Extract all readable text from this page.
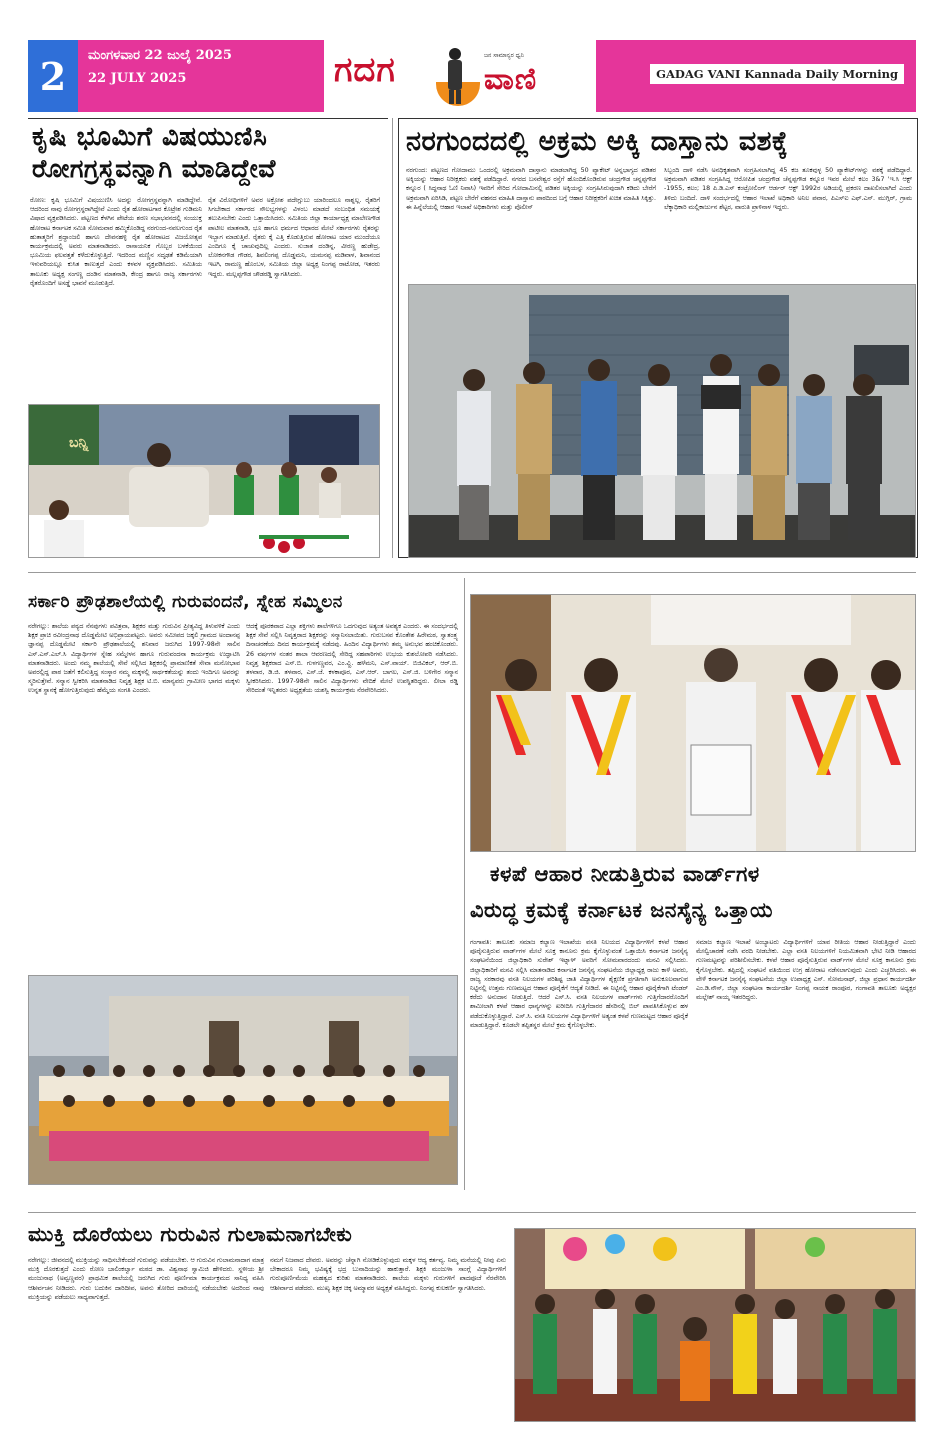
2	ಮಂಗಳವಾರ 22 ಜುಲೈ 2025
22 JULY 2025	ಗದಗ	ಜನ ಸಾಮಾನ್ಯರ ಧ್ವನಿ
ವಾಣಿ	GADAG VANI Kannada Daily Morning
ಕೃಷಿ ಭೂಮಿಗೆ ವಿಷಯುಣಿಸಿ
ರೋಗಗ್ರಸ್ಥವನ್ನಾಗಿ ಮಾಡಿದ್ದೇವೆ

ರೋಣ: ಕೃಷಿ ಭೂಮಿಗೆ ವಿಷಯುಣಿಸಿ ಅದನ್ನು ರೋಗಗ್ರಸ್ಥವನ್ನಾಗಿ ಮಾಡಿದ್ದೇವೆ. ಆದರಿಂದ ನಾವು ರೋಗಗ್ರಸ್ಥರಾಗಿದ್ದೇವೆ ಎಂದು ರೈತ ಹೋರಾಟಗಾರ ಕೊಟ್ರೇಶ ಗುಡಿಮನಿ ವಿಷಾದ ವ್ಯಕ್ತಪಡಿಸಿದರು. ಪಟ್ಟಣದ ಕೆಳಗಿನ ಪೇಟೆಯ ಶರಣ ಸಭಾಭವನದಲ್ಲಿ ಸಂಯುಕ್ತ ಹೋರಾಟ ಕರ್ನಾಟಕ ಸಮಿತಿ ಸೋಮವಾರ ಹಮ್ಮಿಕೊಂಡಿದ್ದ ನರಗುಂದ-ನವಲಗುಂದ ರೈತ ಹುತಾತ್ಮರಿಗೆ ಶ್ರದ್ಧಾಂಜಲಿ ಹಾಗೂ ದೇವನಹಳ್ಳಿ ರೈತ ಹೋರಾಟದ ವಿಜಯೋತ್ಸವ ಕಾರ್ಯಕ್ರಮದಲ್ಲಿ ಅವರು ಮಾತನಾಡಿದರು. ರಾಸಾಯನಿಕ ಗೊಬ್ಬರ ಬಳಕೆಯಿಂದ ಭೂಮಿಯ ಫಲವತ್ತತೆ ಕಳೆದುಕೊಳ್ಳುತ್ತಿದೆ. ಇದರಿಂದ ಮಣ್ಣಿನ ಸದೃಢತೆ ಕಡಿಮೆಯಾಗಿ ಇಳುವರಿಯಲ್ಲೂ ಕುಸಿತ ಕಾಣುತ್ತದೆ ಎಂದು ಕಳವಳ ವ್ಯಕ್ತಪಡಿಸಿದರು. ಸಮಿತಿಯ ತಾಲೂಕು ಅಧ್ಯಕ್ಷ ಸಂಗಣ್ಣ ದಂಡಿನ ಮಾತನಾಡಿ, ಕೇಂದ್ರ ಹಾಗೂ ರಾಜ್ಯ ಸರ್ಕಾರಗಳು ರೈತರೊಂದಿಗೆ ಅಸಡ್ಡೆ ಭಾವನೆ ಮೂಡುತ್ತಿದೆ.

ರೈತ ವಿರೋಧಿಗಳಿಗೆ ಅವರ ಅಕ್ರೋಶ ಪದೇಗ್ಲುಬು ಯಾರಿಂದಲೂ ನಾಶ್ನಲ್ಲ. ರೈತರಿಗೆ ಸಿಗಬೇಕಾದ ಸರ್ಕಾರದ ಸೌಲಭ್ಯಗಳನ್ನು ವಿಳಂಬ ಮಾಡದೆ ಸಂಬಂಧಿತ ಸಮಯಕ್ಕೆ ತಲುಪಿಸಬೇಕು ಎಂದು ಒತ್ತಾಯಿಸಿದರು. ಸಮಿತಿಯ ಜಿಲ್ಲಾ ಕಾರ್ಯಾಧ್ಯಕ್ಷ ಮಾಲೇಣಗೌಡ ಪಾಟೀಲ ಮಾತನಾಡಿ, ಭೂ ಹಾಗೂ ಧರ್ಮದ ಆಧಾರದ ಮೇಲೆ ಸರ್ಕಾರಗಳು ರೈತರನ್ನು ಇಬ್ಭಾಗ ಮಾಡುತ್ತಿವೆ. ರೈತರು ಕೈ ಎತ್ತಿ ಕೊಡುತ್ತಿರುವ ಹೋರಾಟ ಯಾರ ಮುಂದೆಯೂ ಎಂದಿಗೂ ಕೈ ಚಾಚುವುದಿಲ್ಲ ಎಂದರು. ಸುಜಾತ ದಂಡಿನ್ನ, ವೀರಣ್ಣ ಹುಡೇದ್ರ, ಲೋಕನಗೌಡ ಗೌಡರ, ಶಿವಲಿಂಗಪ್ಪ ದೊಡ್ಡಮನಿ, ಯಮನಪ್ಪ ಮಡಿವಾಳ, ಶಿವಾನಂದ ಇಟಗಿ, ರಾಮಣ್ಣ ಹೊಂಬಳ, ಸಮಿತಿಯ ಜಿಲ್ಲಾ ಅಧ್ಯಕ್ಷ ನಿಂಗಪ್ಪ ರಾಟೋಡ, ಇತರರು ಇದ್ದರು. ಮಲ್ಲಪ್ಪಗೌಡ ಚೌಡರಡ್ಡಿ ಸ್ವಾಗತಿಸಿದರು.

ಬನ್ನಿ
ನರಗುಂದದಲ್ಲಿ ಅಕ್ರಮ ಅಕ್ಕಿ ದಾಸ್ತಾನು ವಶಕ್ಕೆ

ನರಗುಂದ: ಪಟ್ಟಣದ ಗೋದಾಮು ಒಂದರಲ್ಲಿ ಅಕ್ರಮವಾಗಿ ದಾಸ್ತಾನು ಮಾಡಲಾಗಿದ್ದ 50 ಪ್ಯಾಕೇಟ್ ಅನ್ನಭಾಗ್ಯದ ಪಡಿತರ ಅಕ್ಕಿಯನ್ನು ಆಹಾರ ನಿರೀಕ್ಷಕರು ವಶಕ್ಕೆ ಪಡೆದಿದ್ದಾರೆ. ನಗರದ ಬಸವೇಶ್ವರ ರಸ್ತೆಗೆ ಹೊಂದಿಕೊಂಡಿರುವ ಚಂದ್ರಗೌಡ ಚನ್ನಪ್ಪಗೌಡ ಕನ್ನೂರ ( ಸಿದ್ಧನಾಥ ಓಣಿ ನಿವಾಸಿ) ಇವರಿಗೆ ಸೇರಿದ ಗೋದಾಮಿನಲ್ಲಿ ಪಡಿತರ ಅಕ್ಕಿಯನ್ನು ಸಂಗ್ರಹಿಸಿರುವುದಾಗಿ ಕಡಿದು ಬೇರೆಗೆ ಅಕ್ರಮವಾಗಿ ಏರಿಸಿಡಿ, ಪಟ್ಟಣ ಬೇರೆಗೆ ವಹನದ ಮಾಹಿತಿ ದಾಸ್ತಾನು ಪಾಠದಿಂದ ಬಗ್ಗೆ ಆಹಾರ ನಿರೀಕ್ಷಕರಿಗೆ ಖಚಿತ ಮಾಹಿತಿ ಸಿಕ್ಕಿತ್ತು. ಈ ಹಿನ್ನೆಲೆಯಲ್ಲಿ ಆಹಾರ ಇಲಾಖೆ ಅಧಿಕಾರಿಗಳು ಮತ್ತು ಪೊಲೀಸ್

ಸಿಬ್ಬಂದಿ ದಾಳಿ ನಡೆಸಿ ಅನಧಿಕೃತವಾಗಿ ಸಂಗ್ರಹಿಸಲಾಗಿದ್ದ 45 ಕಜ ತೂಕವುಳ್ಳ 50 ಪ್ಯಾಕೇಟ್‌ಗಳನ್ನು ವಶಕ್ಕೆ ಪಡೆದಿದ್ದಾರೆ. ಅಕ್ರಮವಾಗಿ ಪಡಿತರ ಸಂಗ್ರಹಿಸಿದ್ದ ಆರೋಪಿತ ಚಂದ್ರಗೌಡ ಚೆನ್ನಪ್ಪಗೌಡ ಕನ್ನೂರ ಇವರ ಮೇಲೆ ಕಲಂ 3&7 'ಇ.ಸಿ ಆಕ್ಟ್ -1955, ಕಲಂ; 18 ಪಿ.ಡಿ.ಎಸ್ ಕಂಟ್ರೋಲಿಂಗ್ ಆರ್ಡರ್ ಆಕ್ಟ್ 1992ರ ಅಡಿಯಲ್ಲಿ ಪ್ರಕರಣ ದಾಖಲಿಸಲಾಗಿದೆ ಎಂದು ತಿಳಿದು ಬಂದಿದೆ. ದಾಳಿ ಸಂದರ್ಭದಲ್ಲಿ ಆಹಾರ ಇಲಾಖೆ ಅಧಿಕಾರಿ ಅನಿಲ ಪವಾರ, ಪಿಎಸ್‌ಐ ಎಫ್.ಎಸ್. ಮುಗ್ಗಿರ್‌, ಗ್ರಾಮ ಲೆಕ್ಕಾಧಿಕಾರಿ ಮಲ್ಲಿಕಾರ್ಜುನ ಶೆಟ್ಟರ, ವಾರುತಿ ಪ್ರಾಳಿನಾಳ ಇದ್ದರು.

ಸರ್ಕಾರಿ ಪ್ರೌಢಶಾಲೆಯಲ್ಲಿ ಗುರುವಂದನೆ, ಸ್ನೇಹ ಸಮ್ಮಿಲನ

ನರೇಗಲ್ಲು: ಶಾಲೆಯ ಪಠ್ಯದ ನೆನಪುಗಳು ಪವಿತ್ರವಾ, ಶಿಕ್ಷಕರ ಮತ್ತು ಗುರುವಿನ ಪ್ರೀತ್ಯವಿದ್ದ ತಿಳುವಳಿಕೆ ಎಂದು ಶಿಕ್ಷಕ ಪ್ರಾಚಿ ರವೀಂದ್ರನಾಥ ದೊಡ್ಡಮೇಟಿ ಅಭಿಪ್ರಾಯಪಟ್ಟರು. ಅವರು ಸಮೀಪದ ಜಕ್ಕಲಿ ಗ್ರಾಮದ ಅಂದಾನಪ್ಪ ಜ್ಞಾನಪ್ಪ ದೊಡ್ಡಮೇಟಿ ಸರ್ಕಾರಿ ಪ್ರೌಢಶಾಲೆಯಲ್ಲಿ ಶನಿವಾರ ಜರುಗಿದ 1997-98ನೇ ಸಾಲಿನ ಎಸ್.ಎಸ್.ಎಲ್.ಸಿ ವಿದ್ಯಾರ್ಥಿಗಳ ಸ್ನೇಹ ಸಮ್ಮೇಳನ ಹಾಗೂ ಗುರುವಂದನಾ ಕಾರ್ಯಕ್ರಮ ಉದ್ಘಾಟಿಸಿ ಮಾತನಾಡಿದರು. ಅಂದು ನಮ್ಮ ಶಾಲೆಯಲ್ಲಿ ಸೇವೆ ಸಲ್ಲಿಸಿದ ಶಿಕ್ಷಕರಲ್ಲಿ ಪ್ರಾಮಾಣಿಕತೆ ಸೇವಾ ಮನೋಭಾವ ಅವರಲ್ಲಿದ್ದ ಪಾಠ ಜತೆಗೆ ಕಲಿಸುತ್ತಿದ್ದ ಸಂಸ್ಕಾರ ನಮ್ಮ ಮಕ್ಕಳಲ್ಲಿ ಸಾರ್ಥಕತೆಯನ್ನು ತಂದು ಇಂದಿಗೂ ಅವರನ್ನು ಸ್ಮರಿಸುತ್ತೇವೆ. ಸನ್ಮಾನ ಸ್ವೀಕರಿಸಿ ಮಾತನಾಡಿದ ನಿವೃತ್ತ ಶಿಕ್ಷಕ ಟಿ.ಬಿ. ಮಾನ್ಯವರು ಗ್ರಾಮೀಣ ಭಾಗದ ಮಕ್ಕಳು ಉನ್ನತ ಸ್ಥಾನಕ್ಕೆ ಹೋಗುತ್ತಿರುವುದು ಹೆಮ್ಮೆಯ ಸಂಗತಿ ಎಂದರು.

ಆದಕ್ಕೆ ಪೂರಕವಾದ ಎಲ್ಲಾ ಶಕ್ತಿಗಳು ಶಾಲೆಗಳಿಗೂ ಒದಗುವುದ ಅತ್ಯಂತ ಅವಶ್ಯಕ ಎಂದರು. ಈ ಸಂದರ್ಭದಲ್ಲಿ ಶಿಕ್ಷಕ ಸೇವೆ ಸಲ್ಲಿಸಿ ನಿವೃತ್ತರಾದ ಶಿಕ್ಷಕರನ್ನು ಸನ್ಮಾನಿಸಲಾಯಿತು. ಗುರುಬಸವ ಕೊಂತೇಶ ಹಿರೇಮಠ, ಸ್ವಾತಂತ್ರ್ಯ ದಿನಾಚರಣೆಯ ದಿನದ ಕಾರ್ಯಕ್ರಮಕ್ಕೆ ನಡೆದವು. ಹಿಂದಿನ ವಿದ್ಯಾರ್ಥಿಗಳು ತಮ್ಮ ಅನುಭವ ಹಂಚಿಕೊಂಡರು. 26 ವರ್ಷಗಳ ನಂತರ ಶಾಲಾ ಆವರಣದಲ್ಲಿ ಸೇರಿದ್ದ ಸಹಪಾಠಿಗಳು ಉಭಯ ಕುಶಲೋಪರಿ ನಡೆಸಿದರು. ನಿವೃತ್ತ ಶಿಕ್ಷಕರಾದ ಎಸ್.ಬಿ. ಗುಳಗಣ್ಣವರ, ಎಂ.ವ್ಹಿ. ಹಳೆಮನಿ, ಎಸ್.ವಾಯ್. ಬಿಜಿವಿಕಲ್, ಆರ್.ಬಿ. ತಳವಾರ, ಡಿ.ಜಿ. ತಳವಾರ, ಎಸ್.ಜೆ. ಕಳಕಾಪೂರ, ಎಸ್.ಆರ್. ಬಾಗಲ, ಎಸ್.ಜಿ. ಬಳಿಗೇರ ಸನ್ಮಾನ ಸ್ವೀಕರಿಸಿದರು. 1997-98ನೇ ಸಾಲಿನ ವಿದ್ಯಾರ್ಥಿಗಳು ವೇದಿಕೆ ಮೇಲೆ ಉಪಸ್ಥಿತರಿದ್ದರು. ಲೀಲಾ ರಡ್ಡಿ ಸೇರಿದಂತೆ ಇನ್ನಿತರರು ಅಧ್ಯಕ್ಷತೆಯ ಯಶಸ್ವಿ ಕಾರ್ಯಕ್ರಮ ನೆರವೇರಿಸಿದರು.

ಕಳಪೆ ಆಹಾರ ನೀಡುತ್ತಿರುವ ವಾರ್ಡ್‌ಗಳ
ವಿರುದ್ಧ ಕ್ರಮಕ್ಕೆ ಕರ್ನಾಟಕ ಜನಸೈನ್ಯ ಒತ್ತಾಯ

ಗಂಗಾವತಿ: ತಾಲೂಕು ಸಮಾಜ ಕಲ್ಯಾಣ ಇಲಾಖೆಯ ವಸತಿ ನಿಲಯದ ವಿದ್ಯಾರ್ಥಿಗಳಿಗೆ ಕಳಪೆ ಆಹಾರ ಪೂರೈಸುತ್ತಿರುವ ವಾರ್ಡ್‌ಗಳ ಮೇಲೆ ಸೂಕ್ತ ಕಾನೂನು ಕ್ರಮ ಕೈಗೊಳ್ಳುವಂತೆ ಒತ್ತಾಯಿಸಿ ಕರ್ನಾಟಕ ಜನಸೈನ್ಯ ಸಂಘಟನೆಯಿಂದ ಜಿಲ್ಲಾಧಿಕಾರಿ ಸುರೇಶ್ ಇಟ್ನಾಳ್ ಅವರಿಗೆ ಸೋಮವಾರದಂದು ಮನವಿ ಸಲ್ಲಿಸಿದರು. ಜಿಲ್ಲಾಧಿಕಾರಿಗೆ ಮನವಿ ಸಲ್ಲಿಸಿ ಮಾತನಾಡಿದ ಕರ್ನಾಟಕ ಜನಸೈನ್ಯ ಸಂಘಟನೆಯ ಜಿಲ್ಲಾಧ್ಯಕ್ಷ ರಾಜು ಕಾಳೆ ಅವರು, ರಾಜ್ಯ ಸರಕಾರವು ವಸತಿ ನಿಲಯಗಳ ಪರಿಶಿಷ್ಟ ಜಾತಿ ವಿದ್ಯಾರ್ಥಿಗಳ ಶೈಕ್ಷಣಿಕ ಪ್ರಗತಿಗಾಗಿ ಅನುಕೂಲವಾಗುವ ನಿಟ್ಟಿನಲ್ಲಿ ಉತ್ತಮ ಗುಣಮಟ್ಟದ ಆಹಾರ ಪೂರೈಕೆಗೆ ಆದ್ಯತೆ ನೀಡಿದೆ. ಈ ನಿಟ್ಟಿನಲ್ಲಿ ಆಹಾರ ಪೂರೈಕೆಗಾಗಿ ಟೆಂಡರ್ ಕರೆದು ಅನುದಾನ ನೀಡುತ್ತಿದೆ. ಆದರೆ ಎಸ್.ಸಿ. ವಸತಿ ನಿಲಯಗಳ ವಾರ್ಡ್‌ಗಳು ಗುತ್ತಿಗೆದಾರರೊಂದಿಗೆ ಶಾಮೀಲಾಗಿ ಕಳಪೆ ಆಹಾರ ಧಾನ್ಯಗಳನ್ನು ಖರೀದಿಸಿ ಗುತ್ತಿಗೆದಾರರ ಹೆಸರಿನಲ್ಲಿ ಬಿಲ್ ಪಾವತಿಸಿಕೊಳ್ಳುವ ಹಳ ಪಡೆದುಕೊಳ್ಳುತ್ತಿದ್ದಾರೆ. ಎಸ್.ಸಿ. ವಸತಿ ನಿಲಯಗಳ ವಿದ್ಯಾರ್ಥಿಗಳಿಗೆ ಅತ್ಯಂತ ಕಳಪೆ ಗುಣಮಟ್ಟದ ಆಹಾರ ಪೂರೈಕೆ ಮಾಡುತ್ತಿದ್ದಾರೆ. ಕೂಡಲೇ ತಪ್ಪಿತಸ್ಥರ ಮೇಲೆ ಕ್ರಮ ಕೈಗೊಳ್ಳಬೇಕು.

ಸಮಾಜ ಕಲ್ಯಾಣ ಇಲಾಖೆ ಅಂಬ್ಯಾಟರು ವಿದ್ಯಾರ್ಥಿಗಳಿಗೆ ಯಾವ ರೀತಿಯ ಆಹಾರ ನೀಡುತ್ತಿದ್ದಾರೆ ಎಂದು ಮೇಲ್ವಿಚಾರಣೆ ನಡೆಸಿ ವರದಿ ನೀಡಬೇಕು. ಎಲ್ಲಾ ವಸತಿ ನಿಲಯಗಳಿಗೆ ನಿಯಮಿತವಾಗಿ ಭೇಟಿ ನೀಡಿ ಆಹಾರದ ಗುಣಮಟ್ಟವನ್ನು ಪರಿಶೀಲಿಸಬೇಕು. ಕಳಪೆ ಆಹಾರ ಪೂರೈಸುತ್ತಿರುವ ವಾರ್ಡ್‌ಗಳ ಮೇಲೆ ಸೂಕ್ತ ಕಾನೂನು ಕ್ರಮ ಕೈಗೊಳ್ಳಬೇಕು. ತಪ್ಪಿದಲ್ಲಿ ಸಂಘಟನೆ ವತಿಯಿಂದ ಉಗ್ರ ಹೋರಾಟ ನಡೆಸಲಾಗುವುದು ಎಂದು ಎಚ್ಚರಿಸಿದರು. ಈ ವೇಳೆ ಕರ್ನಾಟಕ ಜನಸೈನ್ಯ ಸಂಘಟನೆಯ ಜಿಲ್ಲಾ ಉಪಾಧ್ಯಕ್ಷ ಎಸ್. ಸೋಮನಾಥ್, ಜಿಲ್ಲಾ ಪ್ರಧಾನ ಕಾರ್ಯದರ್ಶಿ ಎಂ.ಡಿ.ನೌಸ್, ಜಿಲ್ಲಾ ಸಂಘಟನಾ ಕಾರ್ಯದರ್ಶಿ ನಿಂಗಪ್ಪ ನಾಯಕ ರಾಂಪೂರ, ಗಂಗಾವತಿ ತಾಲೂಕು ಅಧ್ಯಕ್ಷರ ಮಲ್ಲೇಶ್ ನಾಯ್ಕ ಇತರರಿದ್ದರು.

ಮುಕ್ತಿ ದೊರೆಯಲು ಗುರುವಿನ ಗುಲಾಮನಾಗಬೇಕು

ನರೇಗಲ್ಲು: ಜೀವನದಲ್ಲಿ ಮುಕ್ತಿಯನ್ನು ಸಾಧಿಸಬೇಕೆಂದರೆ ಗುರುವನ್ನು ಪಡೆಯಬೇಕು. ಆ ಗುರುವಿನ ಗುಲಾಮನಾದಾಗ ಮಾತ್ರ ಮುಕ್ತಿ ದೊರಕುತ್ತದೆ ಎಂದು ರೋಣ ಬಾಲಿಂಕರ್ಲ್ವಾ ಮಠದ ಡಾ. ವಿಶ್ವನಾಥ ಸ್ವಾಮಿಜಿ ಹೇಳಿದರು. ಸ್ಥಳೀಯ ಶ್ರೀ ಮಂಜುನಾಥ (ಅವ್ವಣ್ಣವರ) ಪ್ರಾಥಮಿಕ ಶಾಲೆಯಲ್ಲಿ ಜರುಗಿದ ಗುರು ಪೂರ್ಣಿಮಾ ಕಾರ್ಯಕ್ರಮದ ಸಾನಿಧ್ಯ ವಹಿಸಿ ಆಶೀರ್ವಚನ ನೀಡಿದರು. ಗುರು ಬದುಕಿನ ದಾರಿದೀಪ, ಅವನು ತೋರಿದ ದಾರಿಯಲ್ಲಿ ನಡೆಯಬೇಕು ಅದರಿಂದ ನಾವು ಮುಕ್ತಿಯನ್ನು ಪಡೆಯಲು ಸಾಧ್ಯವಾಗುತ್ತದೆ.

ನಮಗೆ ನಿಜವಾದ ದೇವರು. ಅವರನ್ನು ಚೆನ್ನಾಗಿ ನೋಡಿಕೊಳ್ಳುವುದು ಮಕ್ಕಳ ಆದ್ಯ ಕರ್ತವ್ಯ. ನಿಮ್ಮ ಮನೆಯಲ್ಲಿ ನೀವು ಏನು ಬೇಕಾದರೂ ನಿಮ್ಮ ಭವಿಷ್ಯಕ್ಕೆ ಭದ್ರ ಬುನಾದಿಯನ್ನು ಹಾಕುತ್ತಾರೆ. ಶಿಕ್ಷಕಿ ಮಂಜುಳಾ ಸಾಂಗ್ಲೆ ವಿದ್ಯಾರ್ಥಿಗಳಿಗೆ ಗುರುಪೂರ್ಣಿಮೆಯ ಮಹತ್ವದ ಕುರಿತು ಮಾತನಾಡಿದರು. ಶಾಲೆಯ ಮಕ್ಕಳು ಗುರುಗಳಿಗೆ ಪಾದಪೂಜೆ ನೆರವೇರಿಸಿ ಆಶೀರ್ವಾದ ಪಡೆದರು. ಮುಖ್ಯ ಶಿಕ್ಷಕ ಚಿಕ್ಕ ಅಮ್ಮಾವರ ಅಧ್ಯಕ್ಷತೆ ವಹಿಸಿದ್ದರು. ನಿಂಗಪ್ಪ ಕುಲಕರ್ಣಿ ಸ್ವಾಗತಿಸಿದರು.
